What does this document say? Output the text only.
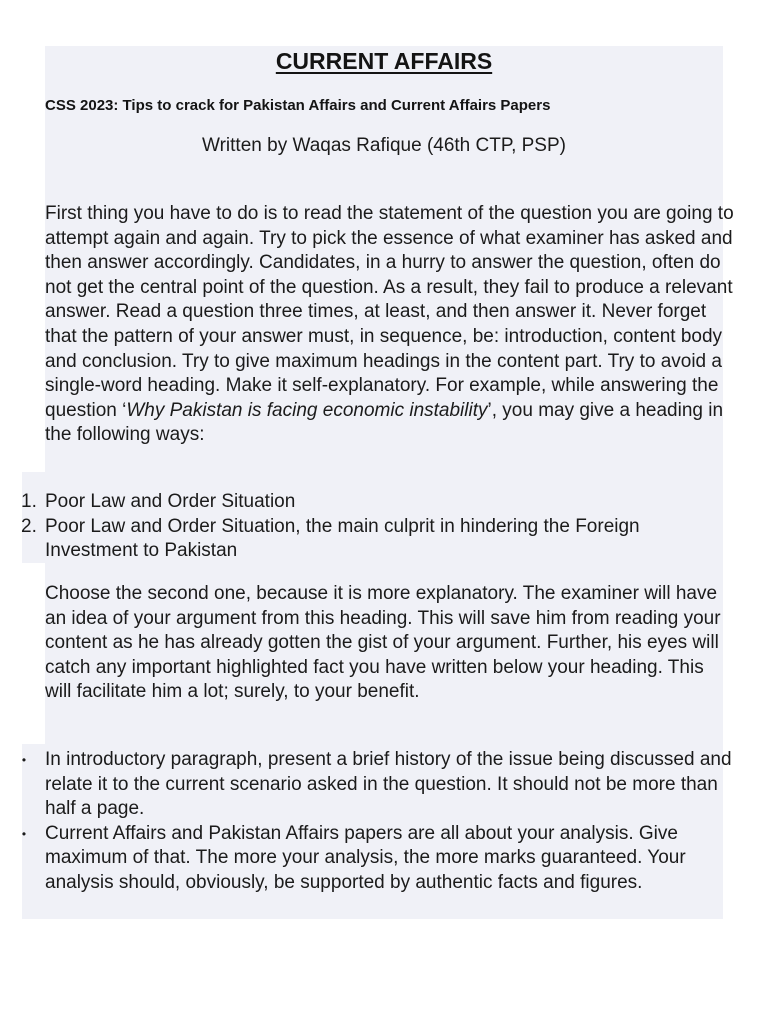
CURRENT AFFAIRS

CSS 2023: Tips to crack for Pakistan Affairs and Current Affairs Papers

Written by Waqas Rafique (46th CTP, PSP)

First thing you have to do is to read the statement of the question you are going to attempt again and again. Try to pick the essence of what examiner has asked and then answer accordingly. Candidates, in a hurry to answer the question, often do not get the central point of the question. As a result, they fail to produce a relevant answer. Read a question three times, at least, and then answer it. Never forget that the pattern of your answer must, in sequence, be: introduction, content body and conclusion. Try to give maximum headings in the content part. Try to avoid a single-word heading. Make it self-explanatory. For example, while answering the question ‘Why Pakistan is facing economic instability’, you may give a heading in the following ways:

1. Poor Law and Order Situation
2. Poor Law and Order Situation, the main culprit in hindering the Foreign Investment to Pakistan

Choose the second one, because it is more explanatory. The examiner will have an idea of your argument from this heading. This will save him from reading your content as he has already gotten the gist of your argument. Further, his eyes will catch any important highlighted fact you have written below your heading. This will facilitate him a lot; surely, to your benefit.

• In introductory paragraph, present a brief history of the issue being discussed and relate it to the current scenario asked in the question. It should not be more than half a page.
• Current Affairs and Pakistan Affairs papers are all about your analysis. Give maximum of that. The more your analysis, the more marks guaranteed. Your analysis should, obviously, be supported by authentic facts and figures.
